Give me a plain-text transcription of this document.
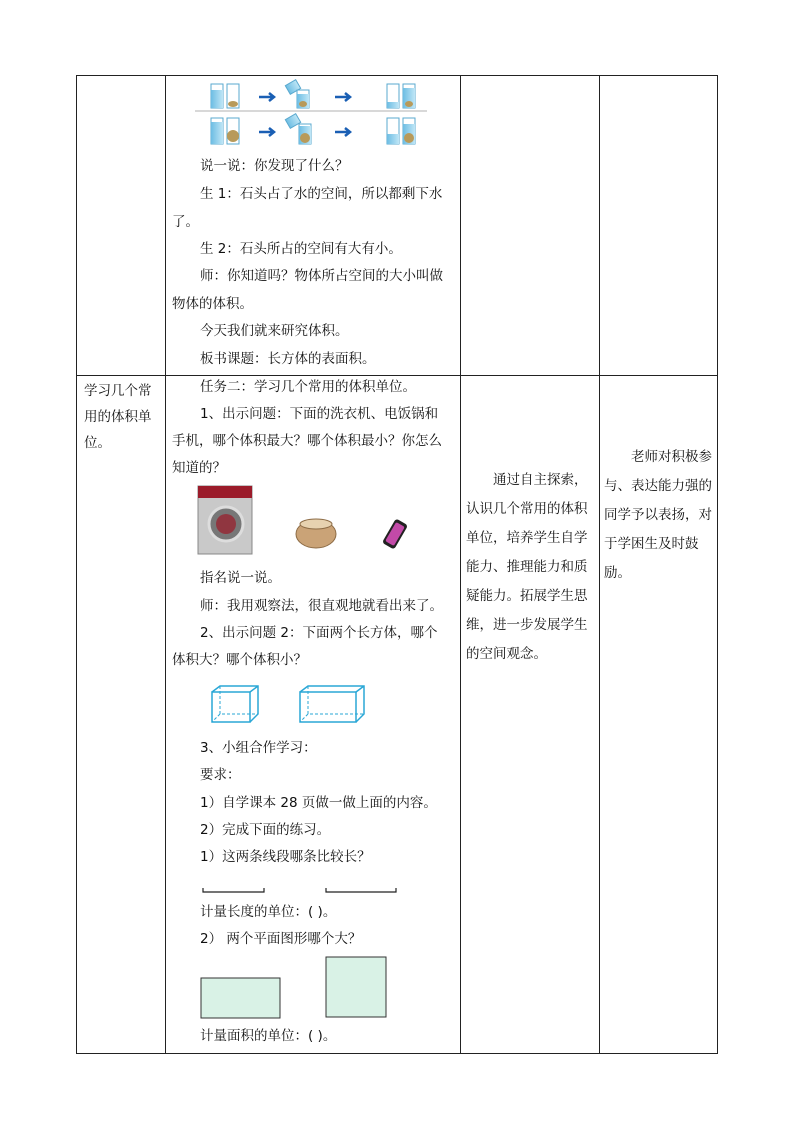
说一说：你发现了什么？
生 1：石头占了水的空间，所以都剩下水
了。
生 2：石头所占的空间有大有小。
师：你知道吗？物体所占空间的大小叫做
物体的体积。
今天我们就来研究体积。
板书课题：长方体的表面积。
学习几个常用的体积单位。
任务二：学习几个常用的体积单位。
1、出示问题：下面的洗衣机、电饭锅和
手机，哪个体积最大？哪个体积最小？你怎么
知道的？
指名说一说。
师：我用观察法，很直观地就看出来了。
2、出示问题 2：下面两个长方体，哪个
体积大？哪个体积小？
3、小组合作学习：
要求：
1）自学课本 28 页做一做上面的内容。
2）完成下面的练习。
1）这两条线段哪条比较长？
计量长度的单位：( )。
2） 两个平面图形哪个大？
计量面积的单位：( )。
通过自主探索，认识几个常用的体积单位，培养学生自学能力、推理能力和质疑能力。拓展学生思维，进一步发展学生的空间观念。
老师对积极参与、表达能力强的同学予以表扬，对于学困生及时鼓励。
